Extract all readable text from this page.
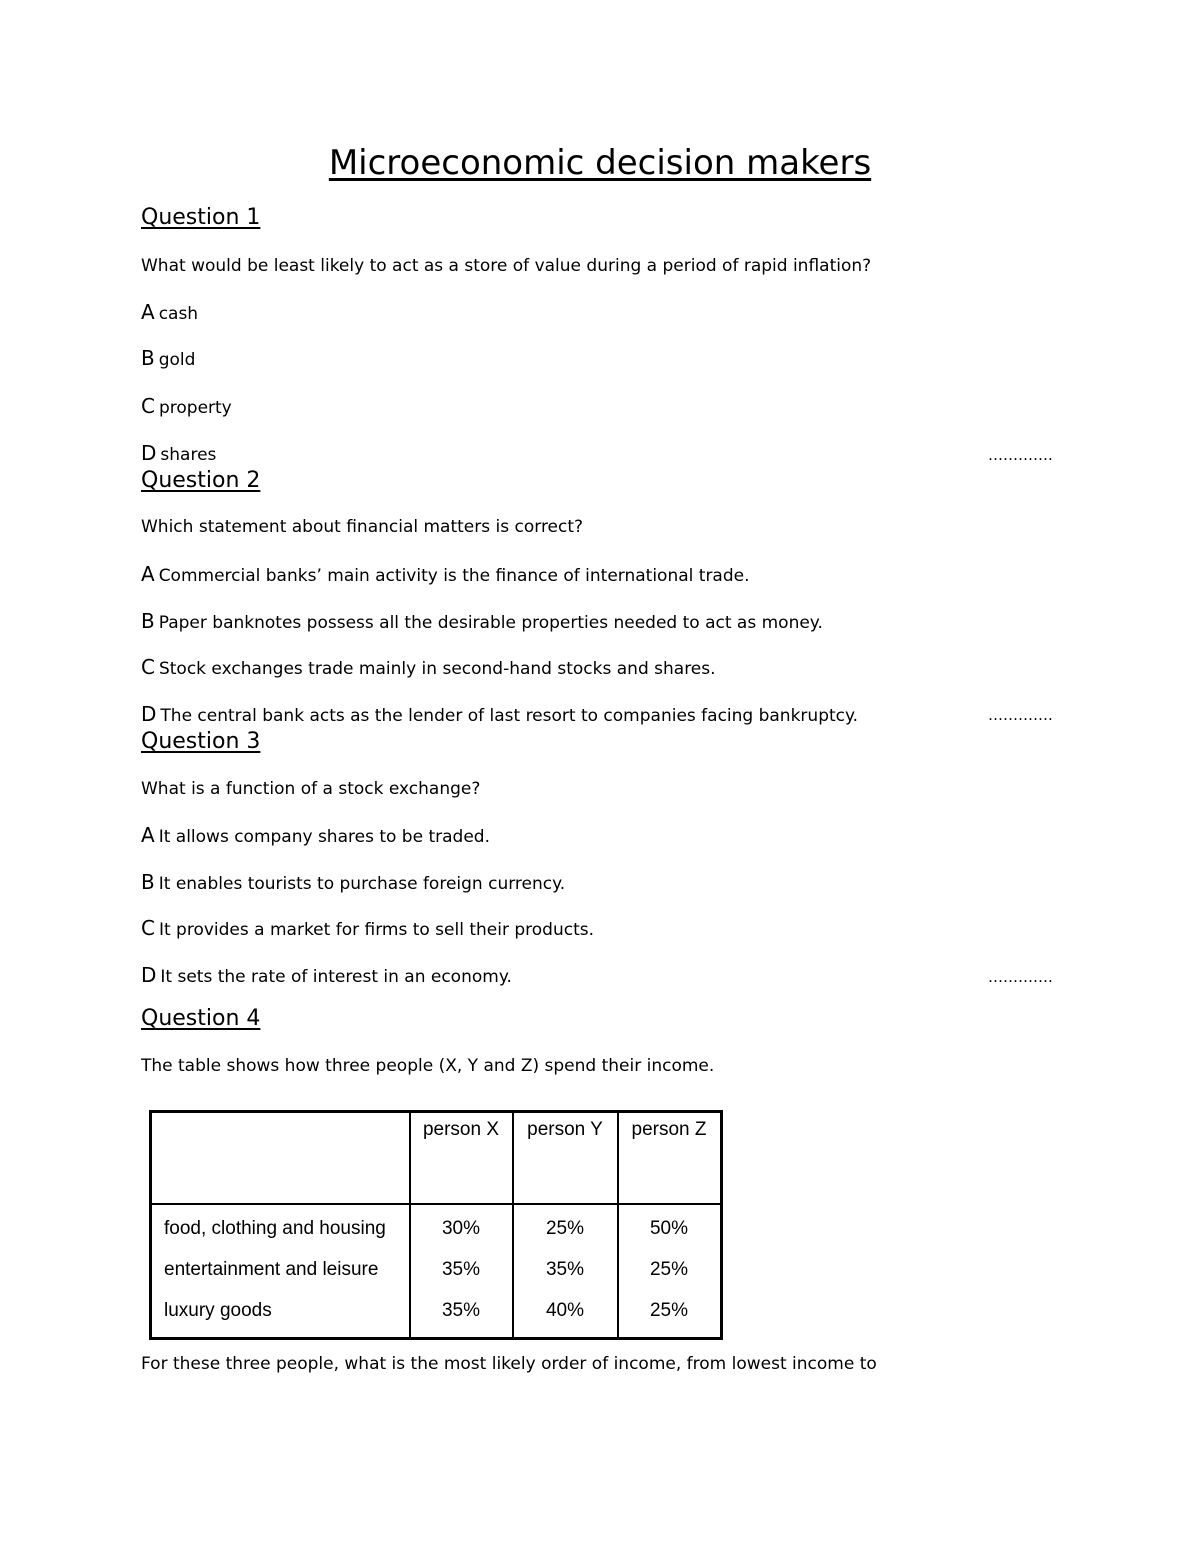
Microeconomic decision makers
Question 1
What would be least likely to act as a store of value during a period of rapid inflation?
A cash
B gold
C property
D shares	………….
Question 2
Which statement about financial matters is correct?
A Commercial banks’ main activity is the finance of international trade.
B Paper banknotes possess all the desirable properties needed to act as money.
C Stock exchanges trade mainly in second-hand stocks and shares.
D The central bank acts as the lender of last resort to companies facing bankruptcy.	………….
Question 3
What is a function of a stock exchange?
A It allows company shares to be traded.
B It enables tourists to purchase foreign currency.
C It provides a market for firms to sell their products.
D It sets the rate of interest in an economy.	………….
Question 4
The table shows how three people (X, Y and Z) spend their income.
	person X	person Y	person Z
food, clothing and housing	30%	25%	50%
entertainment and leisure	35%	35%	25%
luxury goods	35%	40%	25%
For these three people, what is the most likely order of income, from lowest income to
